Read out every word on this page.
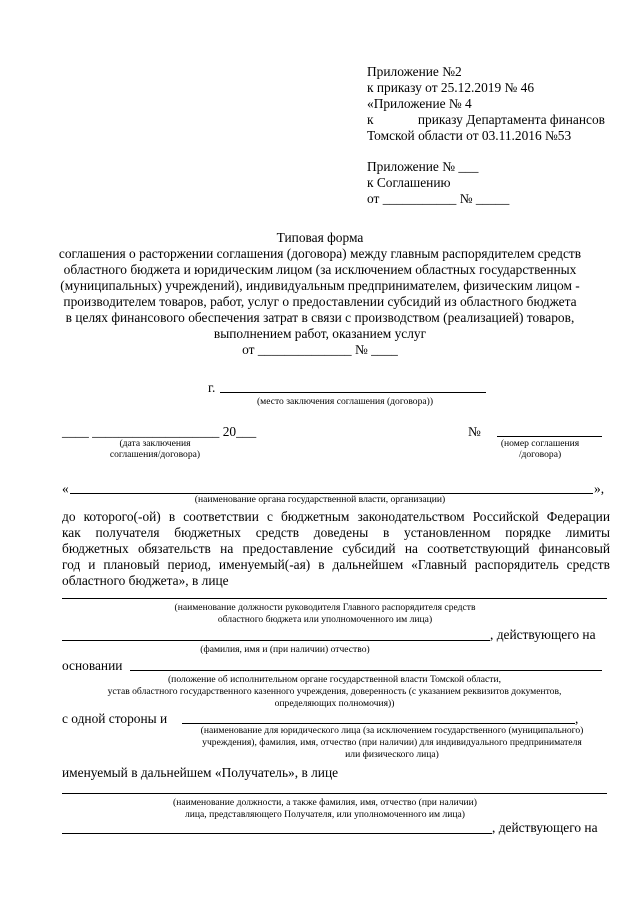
Приложение №2
к приказу от 25.12.2019 № 46
«Приложение № 4
к	приказу Департамента финансов
Томской области от 03.11.2016 №53
Приложение № ___
к Соглашению
от ___________ № _____
Типовая форма
соглашения о расторжении соглашения (договора) между главным распорядителем средств
областного бюджета и юридическим лицом (за исключением областных государственных
(муниципальных) учреждений), индивидуальным предпринимателем, физическим лицом -
производителем товаров, работ, услуг о предоставлении субсидий из областного бюджета
в целях финансового обеспечения затрат в связи с производством (реализацией) товаров,
выполнением работ, оказанием услуг
от ______________ № ____
г.
(место заключения соглашения (договора))
____ ___________________ 20___
(дата заключения
соглашения/договора)
№
(номер соглашения
/договора)
«	»,
(наименование органа государственной власти, организации)
до которого(-ой) в соответствии с бюджетным законодательством Российской Федерации
как получателя бюджетных средств доведены в установленном порядке лимиты
бюджетных обязательств на предоставление субсидий на соответствующий финансовый
год и плановый период, именуемый(-ая) в дальнейшем «Главный распорядитель средств
областного бюджета», в лице
(наименование должности руководителя Главного распорядителя средств
областного бюджета или уполномоченного им лица)
, действующего на
(фамилия, имя и (при наличии) отчество)
основании
(положение об исполнительном органе государственной власти Томской области,
устав областного государственного казенного учреждения, доверенность (с указанием реквизитов документов,
определяющих полномочия))
с одной стороны и	,
(наименование для юридического лица (за исключением государственного (муниципального)
учреждения), фамилия, имя, отчество (при наличии) для индивидуального предпринимателя
или физического лица)
именуемый в дальнейшем «Получатель», в лице
(наименование должности, а также фамилия, имя, отчество (при наличии)
лица, представляющего Получателя, или уполномоченного им лица)
, действующего на
